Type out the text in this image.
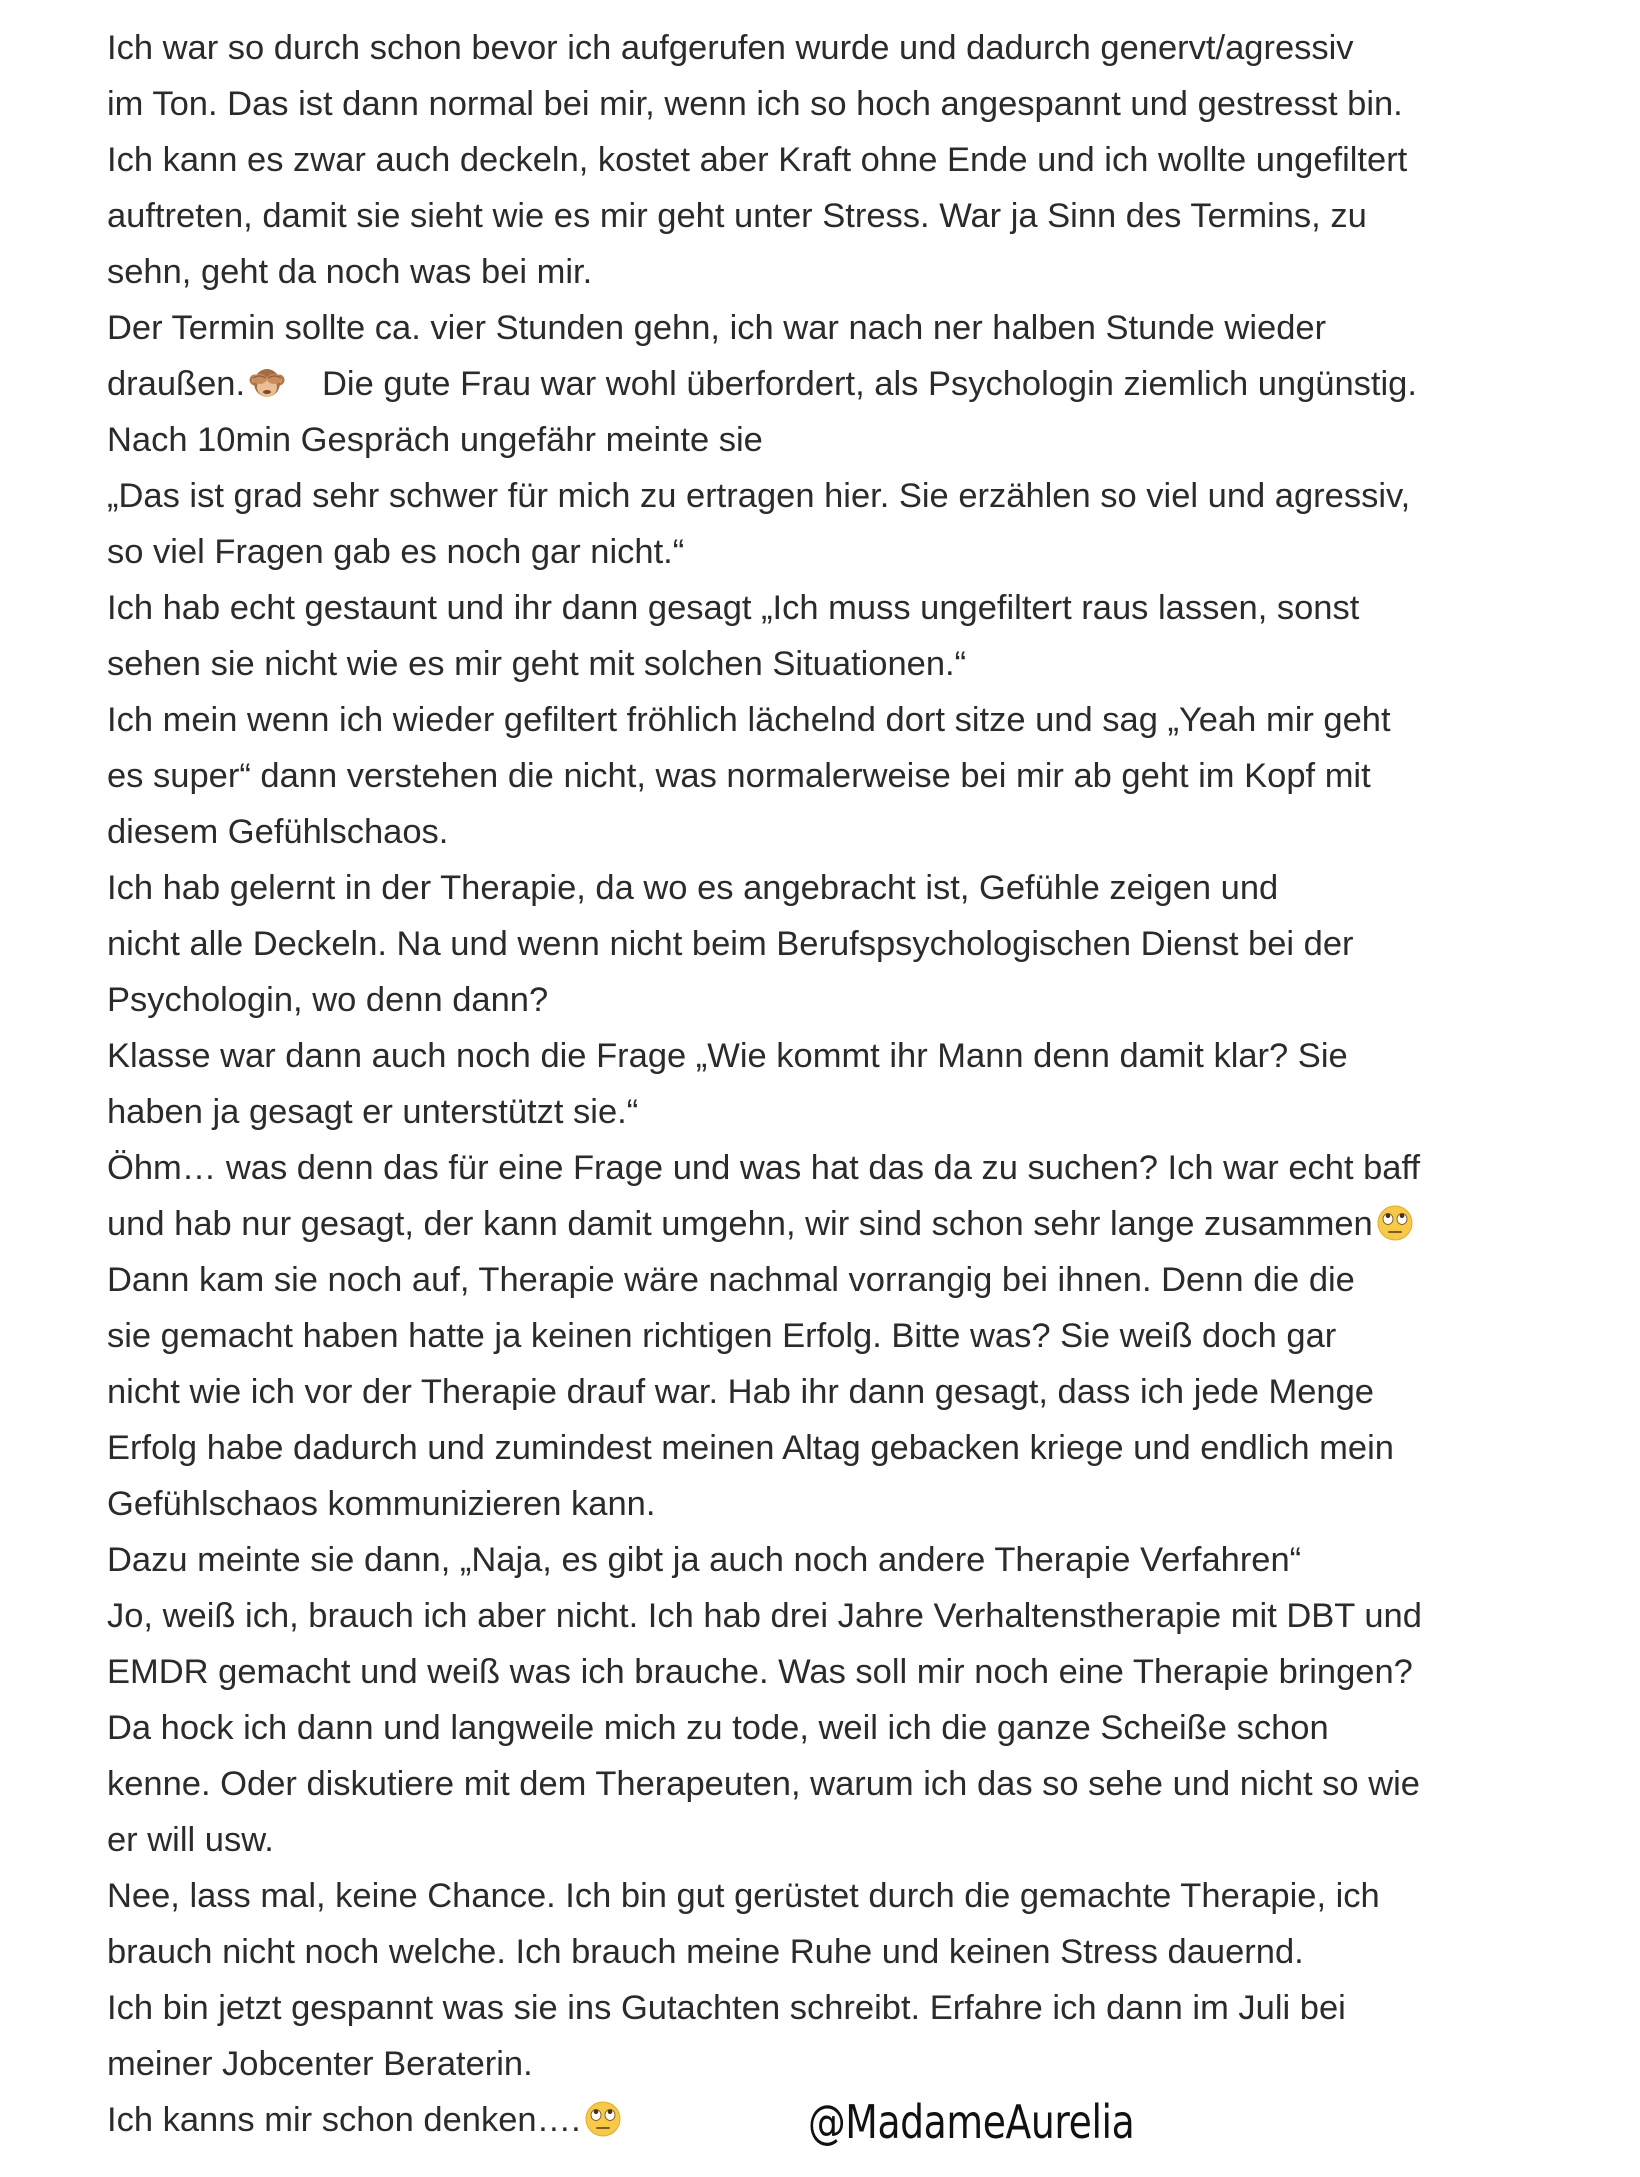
Ich war so durch schon bevor ich aufgerufen wurde und dadurch genervt/agressiv
im Ton. Das ist dann normal bei mir, wenn ich so hoch angespannt und gestresst bin.
Ich kann es zwar auch deckeln, kostet aber Kraft ohne Ende und ich wollte ungefiltert
auftreten, damit sie sieht wie es mir geht unter Stress. War ja Sinn des Termins, zu
sehn, geht da noch was bei mir.
Der Termin sollte ca. vier Stunden gehn, ich war nach ner halben Stunde wieder
draußen.	Die gute Frau war wohl überfordert, als Psychologin ziemlich ungünstig.
Nach 10min Gespräch ungefähr meinte sie
„Das ist grad sehr schwer für mich zu ertragen hier. Sie erzählen so viel und agressiv,
so viel Fragen gab es noch gar nicht.“
Ich hab echt gestaunt und ihr dann gesagt „Ich muss ungefiltert raus lassen, sonst
sehen sie nicht wie es mir geht mit solchen Situationen.“
Ich mein wenn ich wieder gefiltert fröhlich lächelnd dort sitze und sag „Yeah mir geht
es super“ dann verstehen die nicht, was normalerweise bei mir ab geht im Kopf mit
diesem Gefühlschaos.
Ich hab gelernt in der Therapie, da wo es angebracht ist, Gefühle zeigen und
nicht alle Deckeln. Na und wenn nicht beim Berufspsychologischen Dienst bei der
Psychologin, wo denn dann?
Klasse war dann auch noch die Frage „Wie kommt ihr Mann denn damit klar? Sie
haben ja gesagt er unterstützt sie.“
Öhm… was denn das für eine Frage und was hat das da zu suchen? Ich war echt baff
und hab nur gesagt, der kann damit umgehn, wir sind schon sehr lange zusammen
Dann kam sie noch auf, Therapie wäre nachmal vorrangig bei ihnen. Denn die die
sie gemacht haben hatte ja keinen richtigen Erfolg. Bitte was? Sie weiß doch gar
nicht wie ich vor der Therapie drauf war. Hab ihr dann gesagt, dass ich jede Menge
Erfolg habe dadurch und zumindest meinen Altag gebacken kriege und endlich mein
Gefühlschaos kommunizieren kann.
Dazu meinte sie dann, „Naja, es gibt ja auch noch andere Therapie Verfahren“
Jo, weiß ich, brauch ich aber nicht. Ich hab drei Jahre Verhaltenstherapie mit DBT und
EMDR gemacht und weiß was ich brauche. Was soll mir noch eine Therapie bringen?
Da hock ich dann und langweile mich zu tode, weil ich die ganze Scheiße schon
kenne. Oder diskutiere mit dem Therapeuten, warum ich das so sehe und nicht so wie
er will usw.
Nee, lass mal, keine Chance. Ich bin gut gerüstet durch die gemachte Therapie, ich
brauch nicht noch welche. Ich brauch meine Ruhe und keinen Stress dauernd.
Ich bin jetzt gespannt was sie ins Gutachten schreibt. Erfahre ich dann im Juli bei
meiner Jobcenter Beraterin.
Ich kanns mir schon denken….	@MadameAurelia
